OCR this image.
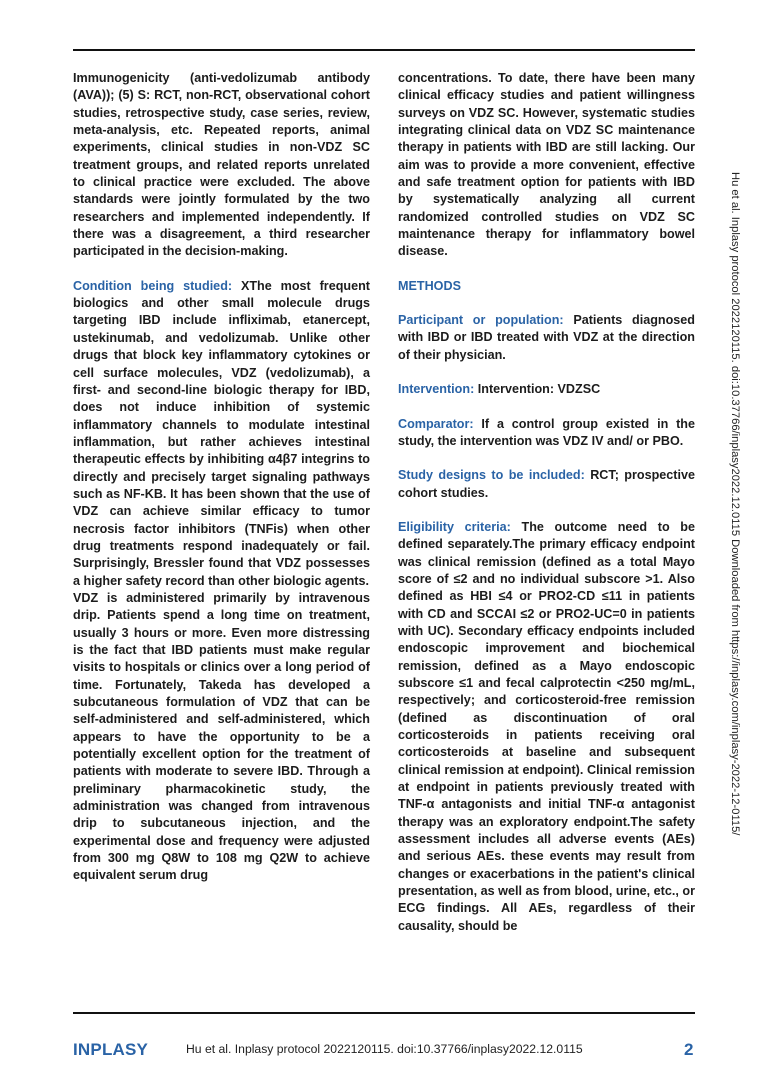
Immunogenicity (anti-vedolizumab antibody (AVA)); (5) S: RCT, non-RCT, observational cohort studies, retrospective study, case series, review, meta-analysis, etc. Repeated reports, animal experiments, clinical studies in non-VDZ SC treatment groups, and related reports unrelated to clinical practice were excluded. The above standards were jointly formulated by the two researchers and implemented independently. If there was a disagreement, a third researcher participated in the decision-making.

Condition being studied: XThe most frequent biologics and other small molecule drugs targeting IBD include infliximab, etanercept, ustekinumab, and vedolizumab. Unlike other drugs that block key inflammatory cytokines or cell surface molecules, VDZ (vedolizumab), a first- and second-line biologic therapy for IBD, does not induce inhibition of systemic inflammatory channels to modulate intestinal inflammation, but rather achieves intestinal therapeutic effects by inhibiting α4β7 integrins to directly and precisely target signaling pathways such as NF-KB. It has been shown that the use of VDZ can achieve similar efficacy to tumor necrosis factor inhibitors (TNFis) when other drug treatments respond inadequately or fail. Surprisingly, Bressler found that VDZ possesses a higher safety record than other biologic agents.

VDZ is administered primarily by intravenous drip. Patients spend a long time on treatment, usually 3 hours or more. Even more distressing is the fact that IBD patients must make regular visits to hospitals or clinics over a long period of time. Fortunately, Takeda has developed a subcutaneous formulation of VDZ that can be self-administered and self-administered, which appears to have the opportunity to be a potentially excellent option for the treatment of patients with moderate to severe IBD. Through a preliminary pharmacokinetic study, the administration was changed from intravenous drip to subcutaneous injection, and the experimental dose and frequency were adjusted from 300 mg Q8W to 108 mg Q2W to achieve equivalent serum drug

concentrations. To date, there have been many clinical efficacy studies and patient willingness surveys on VDZ SC. However, systematic studies integrating clinical data on VDZ SC maintenance therapy in patients with IBD are still lacking. Our aim was to provide a more convenient, effective and safe treatment option for patients with IBD by systematically analyzing all current randomized controlled studies on VDZ SC maintenance therapy for inflammatory bowel disease.

METHODS

Participant or population: Patients diagnosed with IBD or IBD treated with VDZ at the direction of their physician.

Intervention: Intervention: VDZSC

Comparator: If a control group existed in the study, the intervention was VDZ IV and/ or PBO.

Study designs to be included: RCT; prospective cohort studies.

Eligibility criteria: The outcome need to be defined separately.The primary efficacy endpoint was clinical remission (defined as a total Mayo score of ≤2 and no individual subscore >1. Also defined as HBI ≤4 or PRO2-CD ≤11 in patients with CD and SCCAI ≤2 or PRO2-UC=0 in patients with UC). Secondary efficacy endpoints included endoscopic improvement and biochemical remission, defined as a Mayo endoscopic subscore ≤1 and fecal calprotectin <250 mg/mL, respectively; and corticosteroid-free remission (defined as discontinuation of oral corticosteroids in patients receiving oral corticosteroids at baseline and subsequent clinical remission at endpoint). Clinical remission at endpoint in patients previously treated with TNF-α antagonists and initial TNF-α antagonist therapy was an exploratory endpoint.The safety assessment includes all adverse events (AEs) and serious AEs. these events may result from changes or exacerbations in the patient's clinical presentation, as well as from blood, urine, etc., or ECG findings. All AEs, regardless of their causality, should be

Hu et al. Inplasy protocol 2022120115. doi:10.37766/inplasy2022.12.0115 Downloaded from https://inplasy.com/inplasy-2022-12-0115/
INPLASY	Hu et al. Inplasy protocol 2022120115. doi:10.37766/inplasy2022.12.0115	2
